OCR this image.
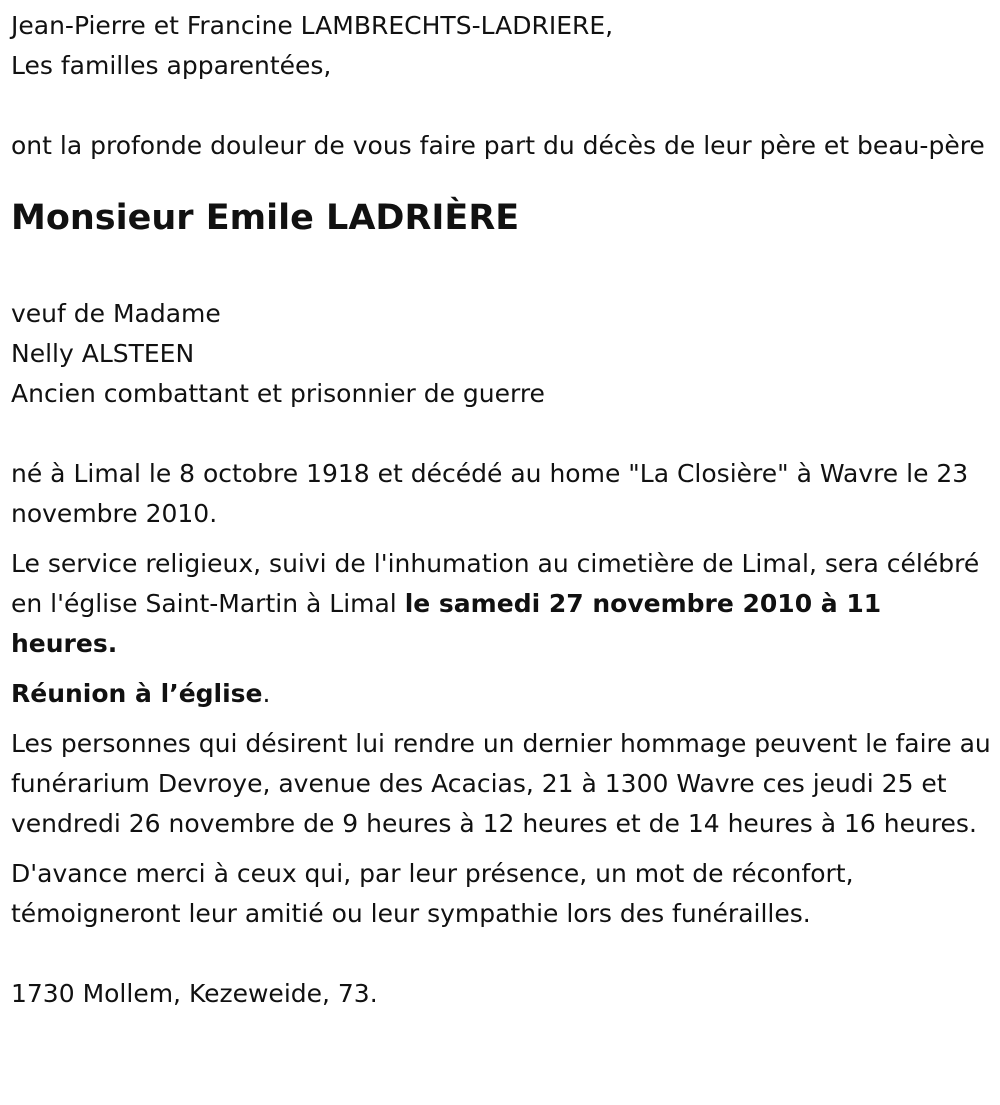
Jean-Pierre et Francine LAMBRECHTS-LADRIERE,

Les familles apparentées,

ont la profonde douleur de vous faire part du décès de leur père et beau-père

Monsieur Emile LADRIÈRE

veuf de Madame

Nelly ALSTEEN

Ancien combattant et prisonnier de guerre

né à Limal le 8 octobre 1918 et décédé au home "La Closière" à Wavre le 23 novembre 2010.

Le service religieux, suivi de l'inhumation au cimetière de Limal, sera célébré en l'église Saint-Martin à Limal le samedi 27 novembre 2010 à 11 heures.

Réunion à l’église.

Les personnes qui désirent lui rendre un dernier hommage peuvent le faire au funérarium Devroye, avenue des Acacias, 21 à 1300 Wavre ces jeudi 25 et vendredi 26 novembre de 9 heures à 12 heures et de 14 heures à 16 heures.

D'avance merci à ceux qui, par leur présence, un mot de réconfort, témoigneront leur amitié ou leur sympathie lors des funérailles.

1730 Mollem, Kezeweide, 73.
